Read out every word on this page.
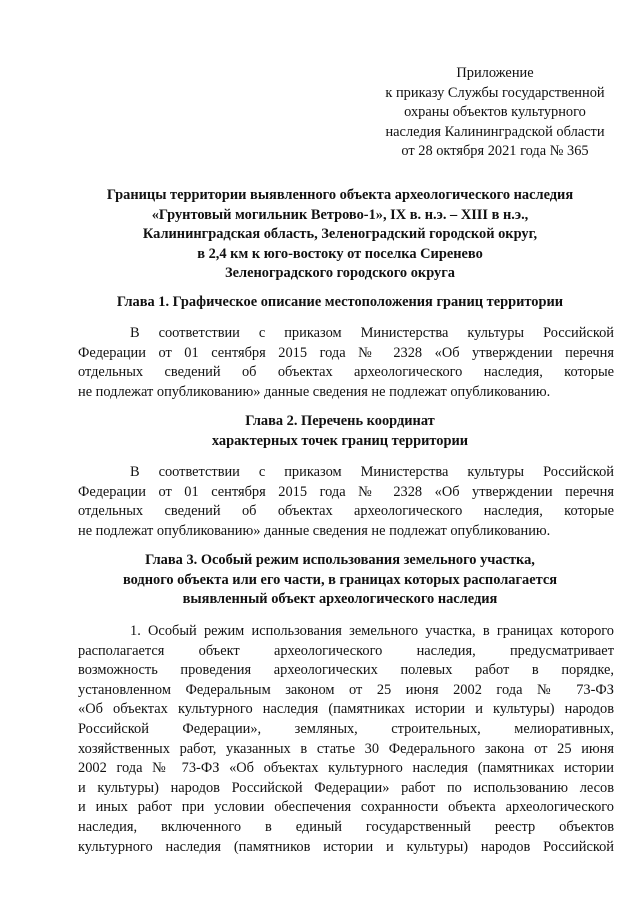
Приложение
к приказу Службы государственной
охраны объектов культурного
наследия Калининградской области
от 28 октября 2021 года № 365
Границы территории выявленного объекта археологического наследия
«Грунтовый могильник Ветрово-1», IX в. н.э. – XIII в н.э.,
Калининградская область, Зеленоградский городской округ,
в 2,4 км к юго-востоку от поселка Сиренево
Зеленоградского городского округа
Глава 1. Графическое описание местоположения границ территории
В соответствии с приказом Министерства культуры Российской
Федерации от 01 сентября 2015 года № 2328 «Об утверждении перечня
отдельных сведений об объектах археологического наследия, которые
не подлежат опубликованию» данные сведения не подлежат опубликованию.
Глава 2. Перечень координат
характерных точек границ территории
В соответствии с приказом Министерства культуры Российской
Федерации от 01 сентября 2015 года № 2328 «Об утверждении перечня
отдельных сведений об объектах археологического наследия, которые
не подлежат опубликованию» данные сведения не подлежат опубликованию.
Глава 3. Особый режим использования земельного участка,
водного объекта или его части, в границах которых располагается
выявленный объект археологического наследия
1. Особый режим использования земельного участка, в границах которого
располагается объект археологического наследия, предусматривает
возможность проведения археологических полевых работ в порядке,
установленном Федеральным законом от 25 июня 2002 года № 73-ФЗ
«Об объектах культурного наследия (памятниках истории и культуры) народов
Российской Федерации», земляных, строительных, мелиоративных,
хозяйственных работ, указанных в статье 30 Федерального закона от 25 июня
2002 года № 73-ФЗ «Об объектах культурного наследия (памятниках истории
и культуры) народов Российской Федерации» работ по использованию лесов
и иных работ при условии обеспечения сохранности объекта археологического
наследия, включенного в единый государственный реестр объектов
культурного наследия (памятников истории и культуры) народов Российской
